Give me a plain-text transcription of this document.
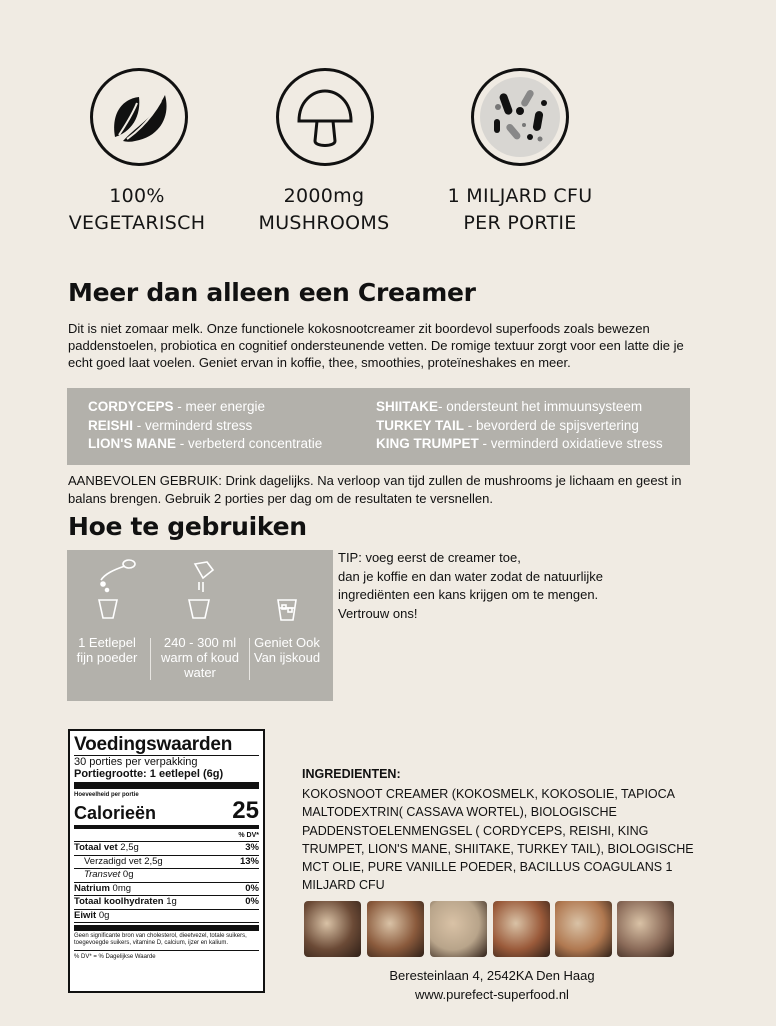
100%
VEGETARISCH
2000mg
MUSHROOMS
1 MILJARD CFU
PER PORTIE
Meer dan alleen een Creamer
Dit is niet zomaar melk. Onze functionele kokosnootcreamer zit boordevol superfoods zoals bewezen paddenstoelen, probiotica en cognitief ondersteunende vetten. De romige textuur zorgt voor een latte die je echt goed laat voelen. Geniet ervan in koffie, thee, smoothies, proteïneshakes en meer.
CORDYCEPS - meer energie
REISHI - verminderd stress
LION'S MANE - verbeterd concentratie
SHIITAKE- ondersteunt het immuunsysteem
TURKEY TAIL - bevorderd de spijsvertering
KING TRUMPET - verminderd oxidatieve stress
AANBEVOLEN GEBRUIK: Drink dagelijks. Na verloop van tijd zullen de mushrooms je lichaam en geest in balans brengen. Gebruik 2 porties per dag om de resultaten te versnellen.
Hoe te gebruiken
1 Eetlepel
fijn poeder
240 - 300 ml
warm of koud
water
Geniet Ook
Van ijskoud
TIP: voeg eerst de creamer toe,
dan je koffie en dan water zodat de natuurlijke
ingrediënten een kans krijgen om te mengen.
Vertrouw ons!
Voedingswaarden
30 porties per verpakking
Portiegrootte: 1 eetlepel (6g)
Hoeveelheid per portie
Calorieën	25
% DV*
Totaal vet 2,5g	3%
Verzadigd vet 2,5g	13%
Transvet 0g
Natrium 0mg	0%
Totaal koolhydraten 1g	0%
Eiwit 0g
Geen significante bron van cholesterol, dieetvezel, totale suikers, toegevoegde suikers, vitamine D, calcium, ijzer en kalium.
% DV* = % Dagelijkse Waarde
INGREDIENTEN:
KOKOSNOOT CREAMER (KOKOSMELK, KOKOSOLIE, TAPIOCA MALTODEXTRIN( CASSAVA WORTEL), BIOLOGISCHE PADDENSTOELENMENGSEL ( CORDYCEPS, REISHI, KING TRUMPET, LION'S MANE, SHIITAKE, TURKEY TAIL), BIOLOGISCHE MCT OLIE, PURE VANILLE POEDER, BACILLUS COAGULANS 1 MILJARD CFU
Beresteinlaan 4, 2542KA Den Haag
www.purefect-superfood.nl
